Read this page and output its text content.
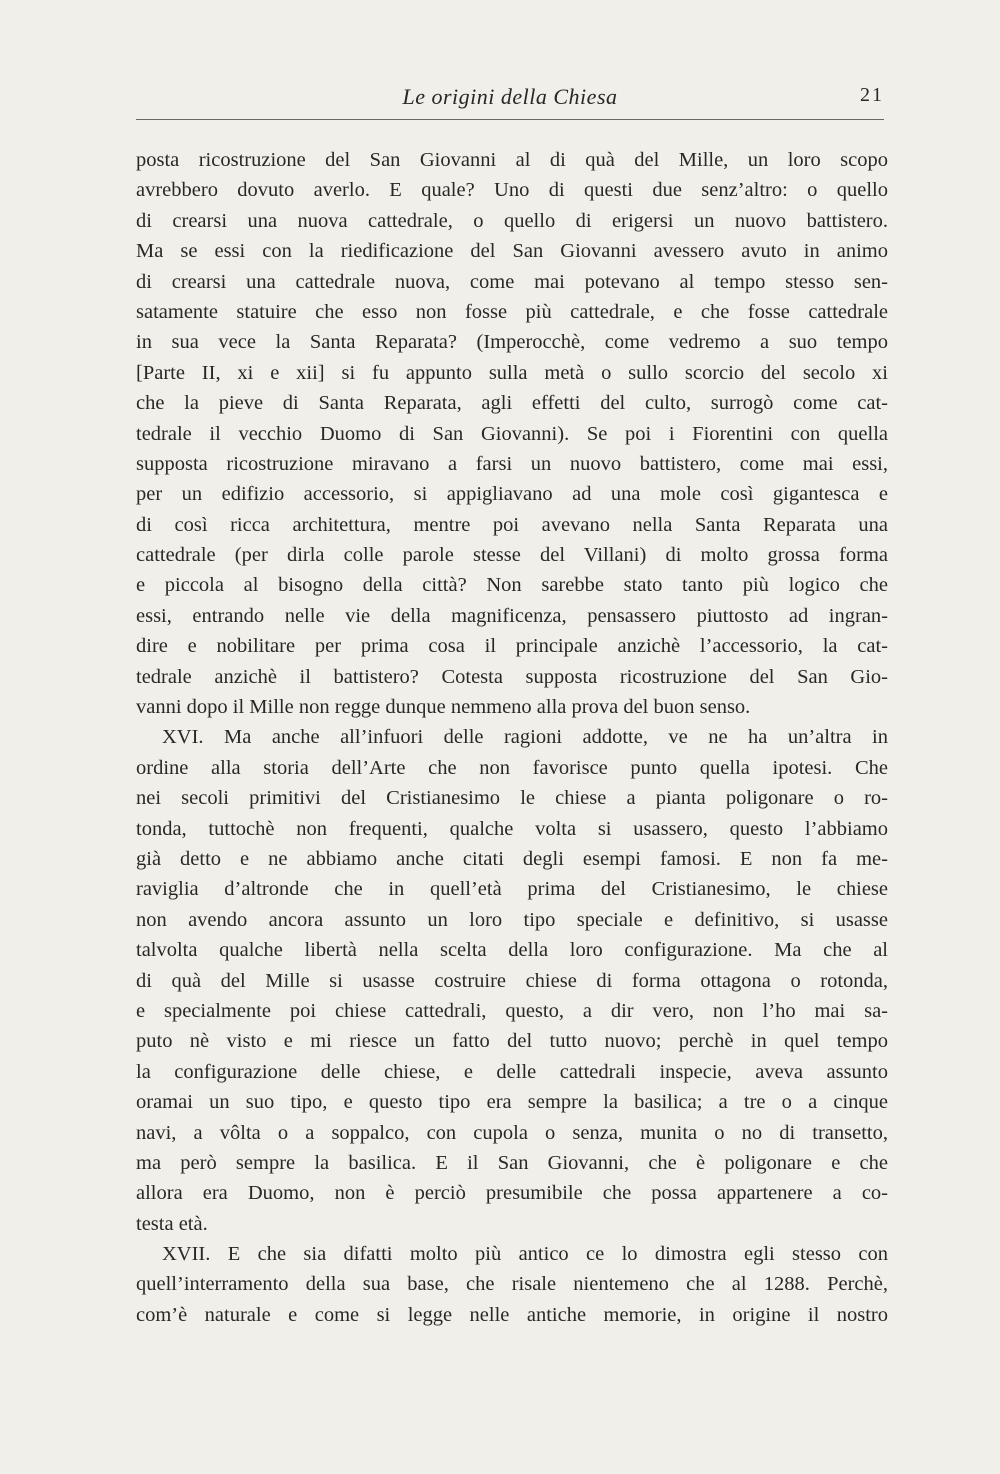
Le origini della Chiesa	21
posta ricostruzione del San Giovanni al di quà del Mille, un loro scopo
avrebbero dovuto averlo. E quale? Uno di questi due senz’altro: o quello
di crearsi una nuova cattedrale, o quello di erigersi un nuovo battistero.
Ma se essi con la riedificazione del San Giovanni avessero avuto in animo
di crearsi una cattedrale nuova, come mai potevano al tempo stesso sen-
satamente statuire che esso non fosse più cattedrale, e che fosse cattedrale
in sua vece la Santa Reparata? (Imperocchè, come vedremo a suo tempo
[Parte II, xi e xii] si fu appunto sulla metà o sullo scorcio del secolo xi
che la pieve di Santa Reparata, agli effetti del culto, surrogò come cat-
tedrale il vecchio Duomo di San Giovanni). Se poi i Fiorentini con quella
supposta ricostruzione miravano a farsi un nuovo battistero, come mai essi,
per un edifizio accessorio, si appigliavano ad una mole così gigantesca e
di così ricca architettura, mentre poi avevano nella Santa Reparata una
cattedrale (per dirla colle parole stesse del Villani) di molto grossa forma
e piccola al bisogno della città? Non sarebbe stato tanto più logico che
essi, entrando nelle vie della magnificenza, pensassero piuttosto ad ingran-
dire e nobilitare per prima cosa il principale anzichè l’accessorio, la cat-
tedrale anzichè il battistero? Cotesta supposta ricostruzione del San Gio-
vanni dopo il Mille non regge dunque nemmeno alla prova del buon senso.
XVI. Ma anche all’infuori delle ragioni addotte, ve ne ha un’altra in
ordine alla storia dell’Arte che non favorisce punto quella ipotesi. Che
nei secoli primitivi del Cristianesimo le chiese a pianta poligonare o ro-
tonda, tuttochè non frequenti, qualche volta si usassero, questo l’abbiamo
già detto e ne abbiamo anche citati degli esempi famosi. E non fa me-
raviglia d’altronde che in quell’età prima del Cristianesimo, le chiese
non avendo ancora assunto un loro tipo speciale e definitivo, si usasse
talvolta qualche libertà nella scelta della loro configurazione. Ma che al
di quà del Mille si usasse costruire chiese di forma ottagona o rotonda,
e specialmente poi chiese cattedrali, questo, a dir vero, non l’ho mai sa-
puto nè visto e mi riesce un fatto del tutto nuovo; perchè in quel tempo
la configurazione delle chiese, e delle cattedrali inspecie, aveva assunto
oramai un suo tipo, e questo tipo era sempre la basilica; a tre o a cinque
navi, a vôlta o a soppalco, con cupola o senza, munita o no di transetto,
ma però sempre la basilica. E il San Giovanni, che è poligonare e che
allora era Duomo, non è perciò presumibile che possa appartenere a co-
testa età.
XVII. E che sia difatti molto più antico ce lo dimostra egli stesso con
quell’interramento della sua base, che risale nientemeno che al 1288. Perchè,
com’è naturale e come si legge nelle antiche memorie, in origine il nostro
